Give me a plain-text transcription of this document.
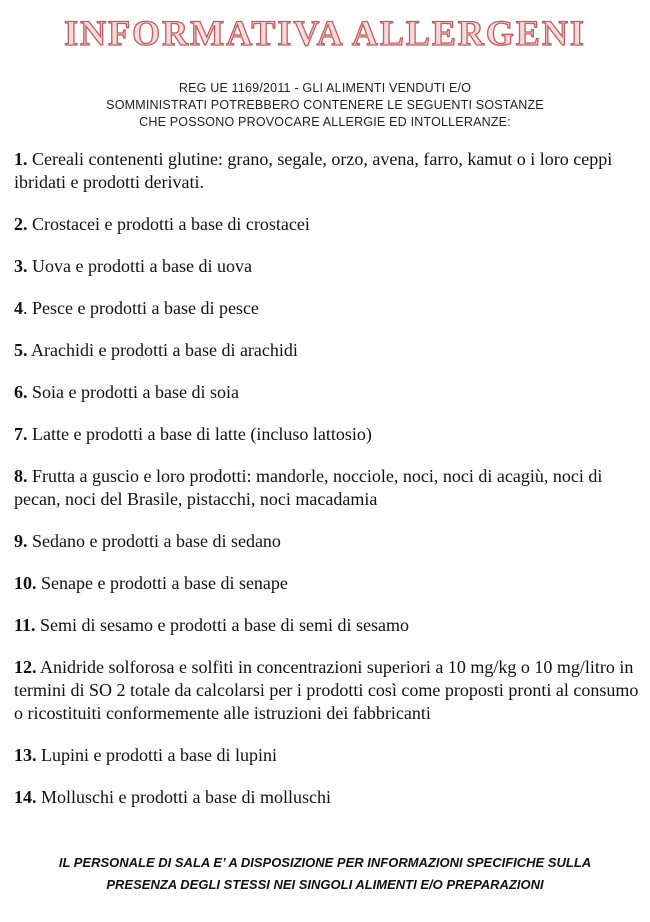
INFORMATIVA ALLERGENI
REG UE 1169/2011 - GLI ALIMENTI VENDUTI E/O
SOMMINISTRATI POTREBBERO CONTENERE LE SEGUENTI SOSTANZE
CHE POSSONO PROVOCARE ALLERGIE ED INTOLLERANZE:
1. Cereali contenenti glutine: grano, segale, orzo, avena, farro, kamut o i loro ceppi ibridati e prodotti derivati.
2. Crostacei e prodotti a base di crostacei
3. Uova e prodotti a base di uova
4. Pesce e prodotti a base di pesce
5. Arachidi e prodotti a base di arachidi
6. Soia e prodotti a base di soia
7. Latte e prodotti a base di latte (incluso lattosio)
8. Frutta a guscio e loro prodotti: mandorle, nocciole, noci, noci di acagiù, noci di pecan, noci del Brasile, pistacchi, noci macadamia
9. Sedano e prodotti a base di sedano
10. Senape e prodotti a base di senape
11. Semi di sesamo e prodotti a base di semi di sesamo
12. Anidride solforosa e solfiti in concentrazioni superiori a 10 mg/kg o 10 mg/litro in termini di SO 2 totale da calcolarsi per i prodotti così come proposti pronti al consumo o ricostituiti conformemente alle istruzioni dei fabbricanti
13. Lupini e prodotti a base di lupini
14. Molluschi e prodotti a base di molluschi
IL PERSONALE DI SALA E’ A DISPOSIZIONE PER INFORMAZIONI SPECIFICHE SULLA
PRESENZA DEGLI STESSI NEI SINGOLI ALIMENTI E/O PREPARAZIONI
